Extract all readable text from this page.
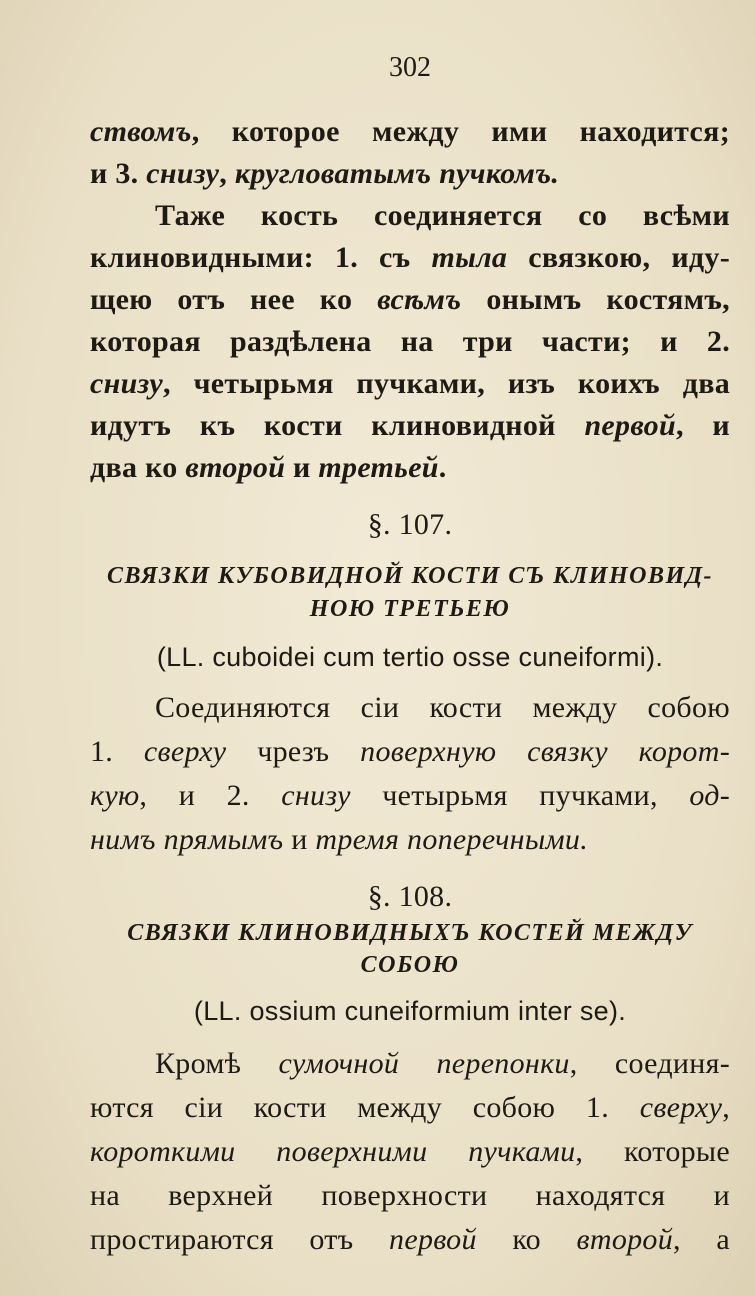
302
ствомъ, которое между ими находится;
и 3. снизу, кругловатымъ пучкомъ.
Таже кость соединяется со всѣми
клиновидными: 1. съ тыла связкою, иду-
щею отъ нее ко всѣмъ онымъ костямъ,
которая раздѣлена на три части; и 2.
снизу, четырьмя пучками, изъ коихъ два
идутъ къ кости клиновидной первой, и
два ко второй и третьей.
§. 107.
СВЯЗКИ КУБОВИДНОЙ КОСТИ СЪ КЛИНОВИД-
НОЮ ТРЕТЬЕЮ
(LL. cuboidei cum tertio osse cuneiformi).
Соединяются сіи кости между собою
1. сверху чрезъ поверхную связку корот-
кую, и 2. снизу четырьмя пучками, од-
нимъ прямымъ и тремя поперечными.
§. 108.
СВЯЗКИ КЛИНОВИДНЫХЪ КОСТЕЙ МЕЖДУ
СОБОЮ
(LL. ossium cuneiformium inter se).
Кромѣ сумочной перепонки, соединя-
ются сіи кости между собою 1. сверху,
короткими поверхними пучками, которые
на верхней поверхности находятся и
простираются отъ первой ко второй, а
